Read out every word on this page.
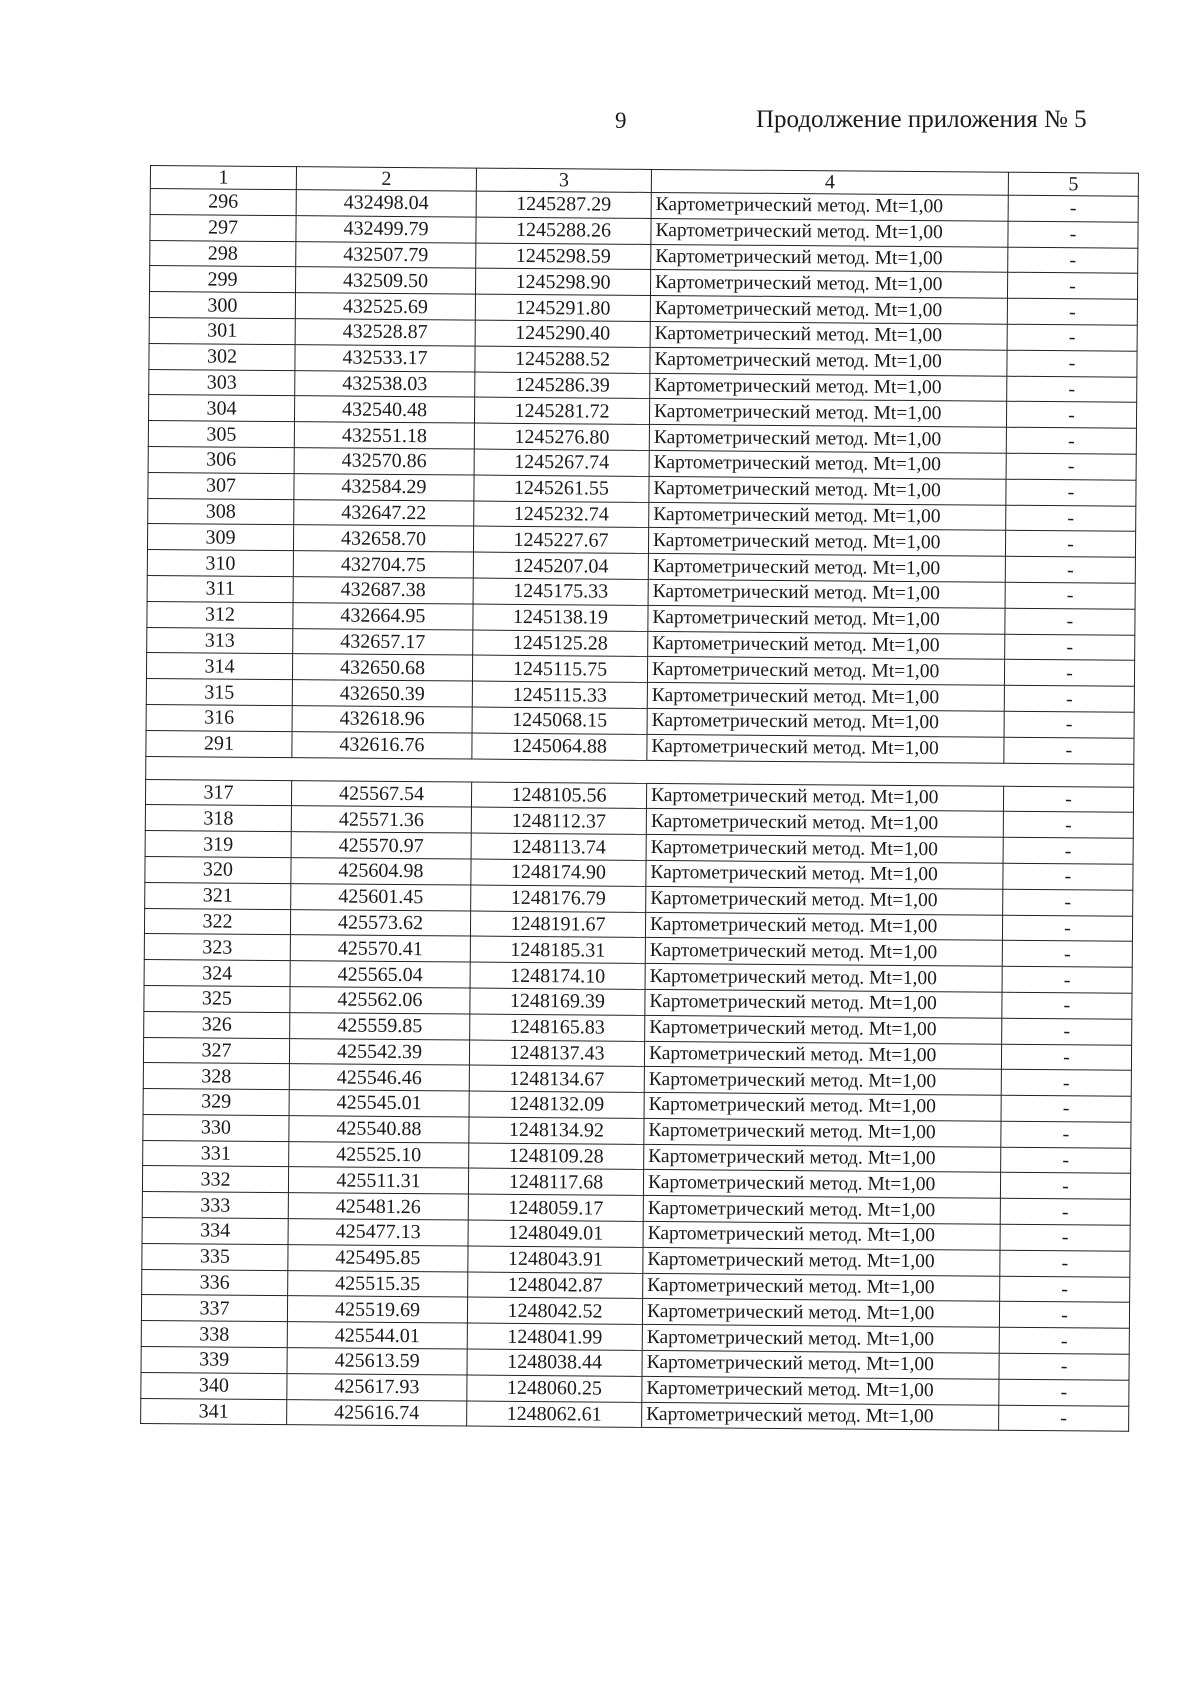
9	Продолжение приложения № 5
1	2	3	4	5
296	432498.04	1245287.29	Картометрический метод. Mt=1,00	-
297	432499.79	1245288.26	Картометрический метод. Mt=1,00	-
298	432507.79	1245298.59	Картометрический метод. Mt=1,00	-
299	432509.50	1245298.90	Картометрический метод. Mt=1,00	-
300	432525.69	1245291.80	Картометрический метод. Mt=1,00	-
301	432528.87	1245290.40	Картометрический метод. Mt=1,00	-
302	432533.17	1245288.52	Картометрический метод. Mt=1,00	-
303	432538.03	1245286.39	Картометрический метод. Mt=1,00	-
304	432540.48	1245281.72	Картометрический метод. Mt=1,00	-
305	432551.18	1245276.80	Картометрический метод. Mt=1,00	-
306	432570.86	1245267.74	Картометрический метод. Mt=1,00	-
307	432584.29	1245261.55	Картометрический метод. Mt=1,00	-
308	432647.22	1245232.74	Картометрический метод. Mt=1,00	-
309	432658.70	1245227.67	Картометрический метод. Mt=1,00	-
310	432704.75	1245207.04	Картометрический метод. Mt=1,00	-
311	432687.38	1245175.33	Картометрический метод. Mt=1,00	-
312	432664.95	1245138.19	Картометрический метод. Mt=1,00	-
313	432657.17	1245125.28	Картометрический метод. Mt=1,00	-
314	432650.68	1245115.75	Картометрический метод. Mt=1,00	-
315	432650.39	1245115.33	Картометрический метод. Mt=1,00	-
316	432618.96	1245068.15	Картометрический метод. Mt=1,00	-
291	432616.76	1245064.88	Картометрический метод. Mt=1,00	-

317	425567.54	1248105.56	Картометрический метод. Mt=1,00	-
318	425571.36	1248112.37	Картометрический метод. Mt=1,00	-
319	425570.97	1248113.74	Картометрический метод. Mt=1,00	-
320	425604.98	1248174.90	Картометрический метод. Mt=1,00	-
321	425601.45	1248176.79	Картометрический метод. Mt=1,00	-
322	425573.62	1248191.67	Картометрический метод. Mt=1,00	-
323	425570.41	1248185.31	Картометрический метод. Mt=1,00	-
324	425565.04	1248174.10	Картометрический метод. Mt=1,00	-
325	425562.06	1248169.39	Картометрический метод. Mt=1,00	-
326	425559.85	1248165.83	Картометрический метод. Mt=1,00	-
327	425542.39	1248137.43	Картометрический метод. Mt=1,00	-
328	425546.46	1248134.67	Картометрический метод. Mt=1,00	-
329	425545.01	1248132.09	Картометрический метод. Mt=1,00	-
330	425540.88	1248134.92	Картометрический метод. Mt=1,00	-
331	425525.10	1248109.28	Картометрический метод. Mt=1,00	-
332	425511.31	1248117.68	Картометрический метод. Mt=1,00	-
333	425481.26	1248059.17	Картометрический метод. Mt=1,00	-
334	425477.13	1248049.01	Картометрический метод. Mt=1,00	-
335	425495.85	1248043.91	Картометрический метод. Mt=1,00	-
336	425515.35	1248042.87	Картометрический метод. Mt=1,00	-
337	425519.69	1248042.52	Картометрический метод. Mt=1,00	-
338	425544.01	1248041.99	Картометрический метод. Mt=1,00	-
339	425613.59	1248038.44	Картометрический метод. Mt=1,00	-
340	425617.93	1248060.25	Картометрический метод. Mt=1,00	-
341	425616.74	1248062.61	Картометрический метод. Mt=1,00	-
